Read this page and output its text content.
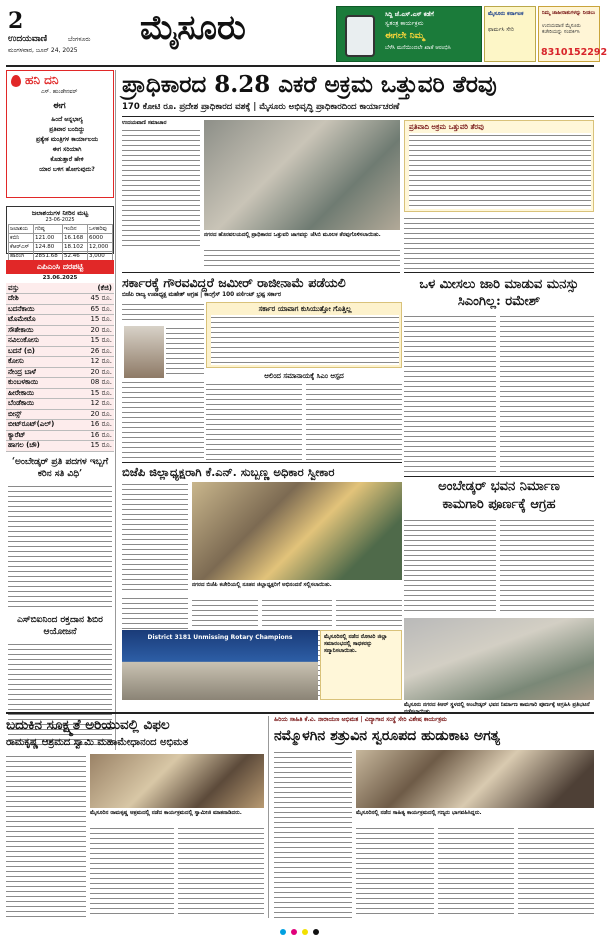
2
ಉದಯವಾಣಿ	ಬೆಂಗಳೂರು
ಮಂಗಳವಾರ, ಜೂನ್ 24, 2025
ಮೈಸೂರು	ಸಿದ್ದಿ ಜೆ.ಎಸ್.ಎಸ್‌ ಕಡೆಗೆ
ಸ್ವತಂತ್ರ ಕಾರ್ಯಕ್ರಮ
ಈಗಲೇ ನಿಮ್ಮ
ಬೆಳೆಸಿ ಮನೆಯಿಂದಲೇ ಖಾತೆ ಆರಂಭಿಸಿ
ಮೈಸೂರು ಕರ್ನಾಟಕ
ಫಾರ್ಮಸಿ ಸೇರಿ
ನಿಮ್ಮ ಜಾಹೀರಾತುಗಳನ್ನು ನೀಡಲು
ಉದಯವಾಣಿ ಮೈಸೂರು ಕಚೇರಿಯನ್ನು ಸಂಪರ್ಕಿಸಿ
8310152292
ಹನಿ ದನಿ
ಎಸ್. ಹುಂಡೇನವರ್
ಈಗ
ಹಿಂದೆ ಅನ್ನಭಾಗ್ಯ
ಪ್ರತಿವಾರ ಬಂದಿದ್ದು
ಪ್ರತ್ಯೇಕ ಮಂತ್ರಿಗಳ ಕಾರ್ಯಾಲಯ
ಈಗ ಸರಿಯಾಗಿ
ಕೊಡುತ್ತಾರೆ ಹೇಳಿ
ಯಾರ ಬಳಿಗ ಹೋಗುವುದು?
ಜಲಾಶಯಗಳ ನೀರಿನ ಮಟ್ಟ
23-06-2025
ಜಲಾಶಯ	ಗರಿಷ್ಠ	ಇಂದಿನ	ಒಳಹರಿವು
ಕಬಿನಿ	121.00	16.168	6000
ಕೆಆರ್‌ಎಸ್	124.80	18.102	12,000
ಹಾರಂಗಿ	2851.68	52.46	3,000
ಎಪಿಎಂಸಿ ದರಪಟ್ಟಿ
23.06.2025
ವಸ್ತು	(ಕೆಜಿ)
ದೇಶಿ	45 ರೂ.
ಬದನೆಕಾಯಿ	65 ರೂ.
ಟೊಮೇಟೊ	15 ರೂ.
ಸೌತೇಕಾಯಿ	20 ರೂ.
ನವಿಲುಕೋಸು	15 ರೂ.
ಬದನೆ (ಬಿ)	26 ರೂ.
ಕೋಸು	12 ರೂ.
ನೇಂದ್ರ ಬಾಳೆ	20 ರೂ.
ಕುಂಬಳಕಾಯಿ	08 ರೂ.
ಹೀರೇಕಾಯಿ	15 ರೂ.
ಬೆಂಡೆಕಾಯಿ	12 ರೂ.
ಬೀನ್ಸ್	20 ರೂ.
ಬೀಟ್‌ರೂಟ್(ಎಲ್)	16 ರೂ.
ಕ್ಯಾರೆಟ್	16 ರೂ.
ಹಾಗಲ (ಚೌ)	15 ರೂ.
‘ಅಂಬೇಡ್ಕರ್ ಪ್ರತಿ ಪದಗಳ ಇಬ್ಬಗೆ ಕರಿನ ಸತಿ ವಿಧಿ’
ಎಸ್‌ಬಿಐನಿಂದ ರಕ್ತದಾನ ಶಿಬಿರ ಆಯೋಜನೆ
ಪ್ರಾಧಿಕಾರದ 8.28 ಎಕರೆ ಅಕ್ರಮ ಒತ್ತುವರಿ ತೆರವು
170 ಕೋಟಿ ರೂ. ಪ್ರದೇಶ ಪ್ರಾಧಿಕಾರದ ವಶಕ್ಕೆ | ಮೈಸೂರು ಅಭಿವೃದ್ಧಿ ಪ್ರಾಧಿಕಾರದಿಂದ ಕಾರ್ಯಾಚರಣೆ
ಉದಯವಾಣಿ ಸಮಾಚಾರ
ನಗರದ ಹೊರವಲಯದಲ್ಲಿ ಪ್ರಾಧಿಕಾರದ ಒತ್ತುವರಿ ಜಾಗವನ್ನು ಜೆಸಿಬಿ ಮೂಲಕ ತೆರವುಗೊಳಿಸಲಾಯಿತು.
ಪ್ರತಿವಾದಿ ಅಕ್ರಮ ಒತ್ತುವರಿ ತೆರವು
ಸರ್ಕಾರಕ್ಕೆ ಗೌರವವಿದ್ದರೆ ಜಮೀರ್ ರಾಜೀನಾಮೆ ಪಡೆಯಲಿ
ಬಿಜೆಪಿ ರಾಜ್ಯ ಉಪಾಧ್ಯಕ್ಷ ಮಹೇಶ್ ಆಗ್ರಹ | ಕಾಂಗ್ರೆಸ್ 100 ಪರ್ಸೆಂಟ್ ಭ್ರಷ್ಟ ಸರ್ಕಾರ
ಸರ್ಕಾರ ಯಾವಾಗ ಕುಸಿಯುತ್ತೋ ಗೊತ್ತಿಲ್ಲ
ಆಲಿಂದ ಸಮಾನಾಯಕ್ಕೆ ಸಿಎಂ ಆಸ್ಪದ
ಒಳ ಮೀಸಲು ಜಾರಿ ಮಾಡುವ ಮನಸ್ಸು ಸಿಎಂಗಿಲ್ಲ: ರಮೇಶ್
ಅಂಬೇಡ್ಕರ್ ಭವನ ನಿರ್ಮಾಣ
ಕಾಮಗಾರಿ ಪೂರ್ಣಕ್ಕೆ ಆಗ್ರಹ
ಮೈಸೂರು ನಗರದ ಕಿಆರ್‌ ಸ್ಥಳದಲ್ಲಿ ಅಂಬೇಡ್ಕರ್ ಭವನ ನಿರ್ಮಾಣ ಕಾಮಗಾರಿ ಪೂರ್ಣಕ್ಕೆ ಆಗ್ರಹಿಸಿ ಪ್ರತಿಭಟನೆ
ಬಿಜೆಪಿ ಜಿಲ್ಲಾಧ್ಯಕ್ಷರಾಗಿ ಕೆ.ಎನ್. ಸುಬ್ಬಣ್ಣ ಅಧಿಕಾರ ಸ್ವೀಕಾರ
ನಗರದ ಬಿಜೆಪಿ ಕಚೇರಿಯಲ್ಲಿ ನೂತನ ಜಿಲ್ಲಾಧ್ಯಕ್ಷರಿಗೆ ಅಭಿನಂದನೆ ಸಲ್ಲಿಸಲಾಯಿತು.
District 3181 Unmissing Rotary Champions	ಮೈಸೂರಿನಲ್ಲಿ ನಡೆದ ರೋಟರಿ ಜಿಲ್ಲಾ ಸಮಾರಂಭದಲ್ಲಿ ಸಾಧಕರನ್ನು ಸನ್ಮಾನಿಸಲಾಯಿತು.
ಬದುಕಿನ ಸೂಕ್ಷ್ಮತೆ ಅರಿಯುವಲ್ಲಿ ವಿಫಲ
ರಾಮಕೃಷ್ಣ ಆಶ್ರಮದ ಸ್ವಾಮಿ ಮಹಾಮೇಧಾನಂದ ಅಭಿಮತ
ಮೈಸೂರಿನ ರಾಮಕೃಷ್ಣ ಆಶ್ರಮದಲ್ಲಿ ನಡೆದ ಕಾರ್ಯಕ್ರಮದಲ್ಲಿ ಸ್ವಾಮೀಜಿ ಮಾತನಾಡಿದರು.
ಹಿರಿಯ ಸಾಹಿತಿ ಕೆ.ವಿ. ನಾರಾಯಣ ಅಭಿಮತ | ವಿದ್ಯಾಗಾನ ಸಂಸ್ಥೆ ಸೇರಿ ವಿಶೇಷ ಕಾರ್ಯಕ್ರಮ
ನಮ್ಮೊಳಗಿನ ಶತ್ರುವಿನ ಸ್ವರೂಪದ ಹುಡುಕಾಟ ಅಗತ್ಯ
ಮೈಸೂರಿನಲ್ಲಿ ನಡೆದ ಸಾಹಿತ್ಯ ಕಾರ್ಯಕ್ರಮದಲ್ಲಿ ಗಣ್ಯರು ಭಾಗವಹಿಸಿದ್ದರು.
